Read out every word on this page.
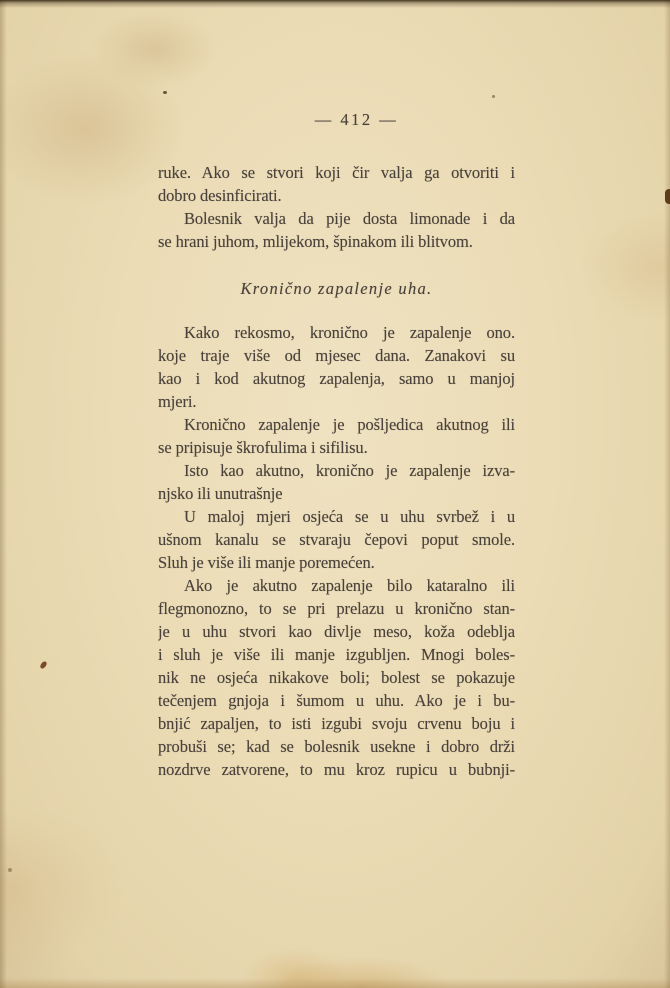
— 412 —
ruke. Ako se stvori koji čir valja ga otvoriti i
dobro desinficirati.
Bolesnik valja da pije dosta limonade i da
se hrani juhom, mlijekom, špinakom ili blitvom.
Kronično zapalenje uha.
Kako rekosmo, kronično je zapalenje ono.
koje traje više od mjesec dana. Zanakovi su
kao i kod akutnog zapalenja, samo u manjoj
mjeri.
Kronično zapalenje je pošljedica akutnog ili
se pripisuje škrofulima i sifilisu.
Isto kao akutno, kronično je zapalenje izva-
njsko ili unutrašnje
U maloj mjeri osjeća se u uhu svrbež i u
ušnom kanalu se stvaraju čepovi poput smole.
Sluh je više ili manje poremećen.
Ako je akutno zapalenje bilo kataralno ili
flegmonozno, to se pri prelazu u kronično stan-
je u uhu stvori kao divlje meso, koža odeblja
i sluh je više ili manje izgubljen. Mnogi boles-
nik ne osjeća nikakove boli; bolest se pokazuje
tečenjem gnjoja i šumom u uhu. Ako je i bu-
bnjić zapaljen, to isti izgubi svoju crvenu boju i
probuši se; kad se bolesnik usekne i dobro drži
nozdrve zatvorene, to mu kroz rupicu u bubnji-
